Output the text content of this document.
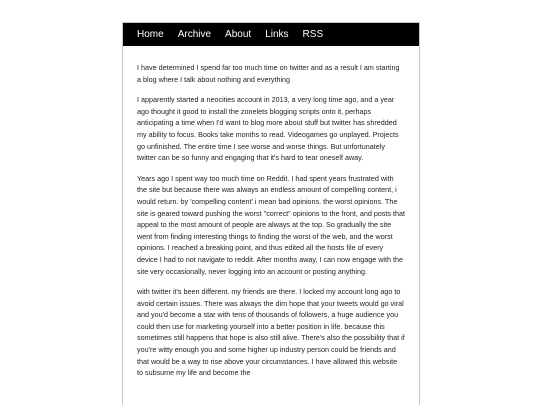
Home Archive About Links RSS

I have determined I spend far too much time on twitter and as a result I am starting a blog where I talk about nothing and everything

I apparently started a neocities account in 2013, a very long time ago, and a year ago thought it good to install the zonelets blogging scripts onto it, perhaps anticipating a time when I'd want to blog more about stuff but twitter has shredded my ability to focus. Books take months to read. Videogames go unplayed. Projects go unfinished. The entire time I see worse and worse things. But unfortunately twitter can be so funny and engaging that it's hard to tear oneself away.

Years ago I spent way too much time on Reddit. I had spent years frustrated with the site but because there was always an endless amount of compelling content, i would return. by 'compelling content' i mean bad opinions. the worst opinions. The site is geared toward pushing the worst "correct" opinions to the front, and posts that appeal to the most amount of people are always at the top. So gradually the site went from finding interesting things to finding the worst of the web, and the worst opinions. I reached a breaking point, and thus edited all the hosts file of every device I had to not navigate to reddit. After months away, I can now engage with the site very occasionally, never logging into an account or posting anything.

with twitter it's been different. my friends are there. I locked my account long ago to avoid certain issues. There was always the dim hope that your tweets would go viral and you'd become a star with tens of thousands of followers, a huge audience you could then use for marketing yourself into a better position in life. because this sometimes still happens that hope is also still alive. There's also the possibility that if you're witty enough you and some higher up industry person could be friends and that would be a way to rise above your circumstances. I have allowed this website to subsume my life and become the
